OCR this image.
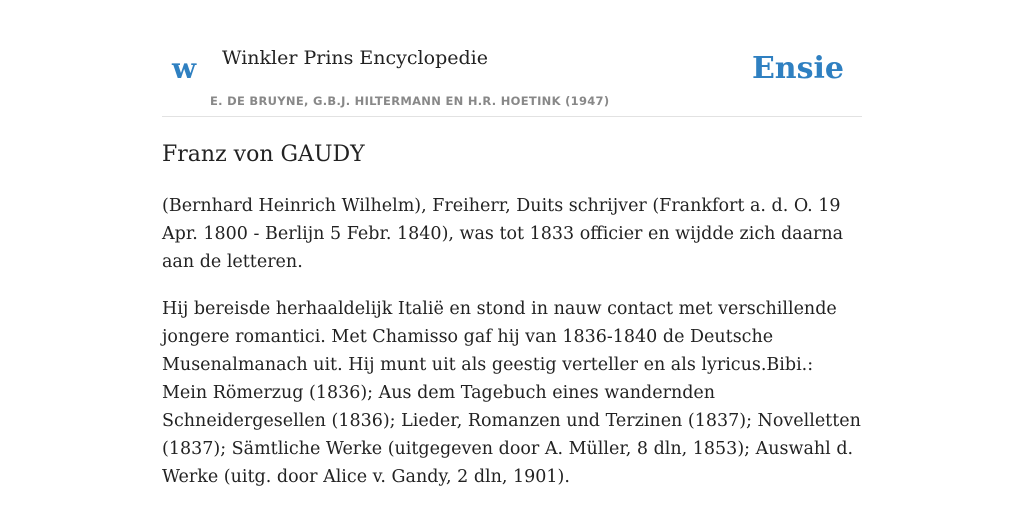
w Winkler Prins Encyclopedie
E. DE BRUYNE, G.B.J. HILTERMANN EN H.R. HOETINK (1947)
Ensie
Franz von GAUDY

(Bernhard Heinrich Wilhelm), Freiherr, Duits schrijver (Frankfort a. d. O. 19 Apr. 1800 - Berlijn 5 Febr. 1840), was tot 1833 officier en wijdde zich daarna aan de letteren.

Hij bereisde herhaaldelijk Italië en stond in nauw contact met verschillende jongere romantici. Met Chamisso gaf hij van 1836-1840 de Deutsche Musenalmanach uit. Hij munt uit als geestig verteller en als lyricus.Bibi.: Mein Römerzug (1836); Aus dem Tagebuch eines wandernden Schneidergesellen (1836); Lieder, Romanzen und Terzinen (1837); Novelletten (1837); Sämtliche Werke (uitgegeven door A. Müller, 8 dln, 1853); Auswahl d. Werke (uitg. door Alice v. Gandy, 2 dln, 1901).
